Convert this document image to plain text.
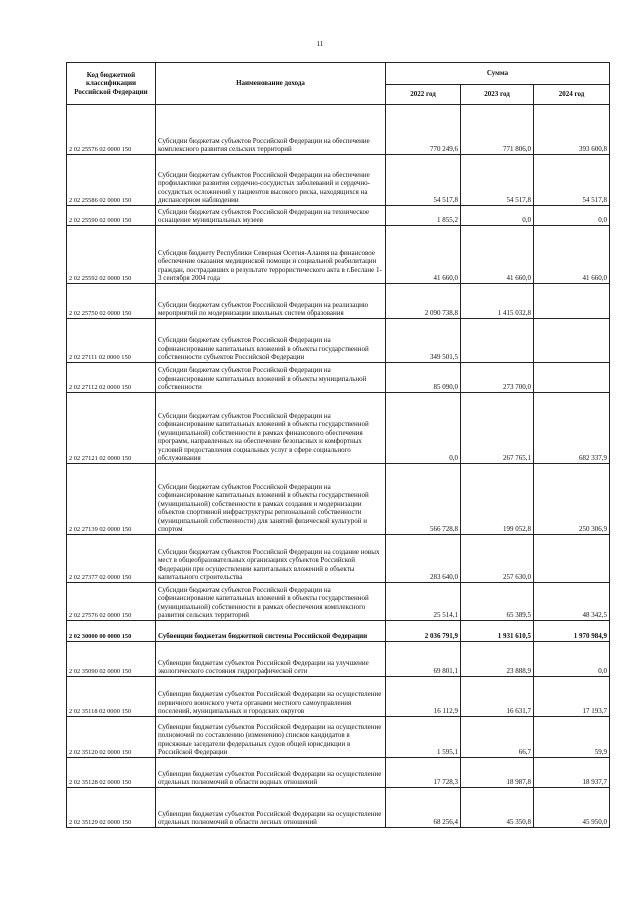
11
Код бюджетной классификации Российской Федерации	Наименование дохода	Сумма		
		2022 год	2023 год	2024 год
2 02 25576 02 0000 150	Субсидии бюджетам субъектов Российской Федерации на обеспечение комплексного развития сельских территорий	770 249,6	771 806,0	393 600,8
2 02 25586 02 0000 150	Субсидии бюджетам субъектов Российской Федерации на обеспечение профилактики развития сердечно-сосудистых заболеваний и сердечно-сосудистых осложнений у пациентов высокого риска, находящихся на диспансерном наблюдении	54 517,8	54 517,8	54 517,8
2 02 25590 02 0000 150	Субсидии бюджетам субъектов Российской Федерации на техническое оснащение муниципальных музеев	1 855,2	0,0	0,0
2 02 25592 02 0000 150	Субсидия бюджету Республики Северная Осетия-Алания на финансовое обеспечение оказания медицинской помощи и социальной реабилитации граждан, пострадавших в результате террористического акта в г.Беслане 1-3 сентября 2004 года	41 660,0	41 660,0	41 660,0
2 02 25750 02 0000 150	Субсидии бюджетам субъектов Российской Федерации на реализацию мероприятий по модернизации школьных систем образования	2 090 738,8	1 415 032,8	
2 02 27111 02 0000 150	Субсидии бюджетам субъектов Российской Федерации на софинансирование капитальных вложений в объекты государственной собственности субъектов Российской Федерации	349 501,5		
2 02 27112 02 0000 150	Субсидии бюджетам субъектов Российской Федерации на софинансирование капитальных вложений в объекты муниципальной собственности	85 090,0	273 700,0	
2 02 27121 02 0000 150	Субсидии бюджетам субъектов Российской Федерации на софинансирование капитальных вложений в объекты государственной (муниципальной) собственности в рамках финансового обеспечения программ, направленных на обеспечение безопасных и комфортных условий предоставления социальных услуг в сфере социального обслуживания	0,0	267 765,1	682 337,9
2 02 27139 02 0000 150	Субсидии бюджетам субъектов Российской Федерации на софинансирование капитальных вложений в объекты государственной (муниципальной) собственности в рамках создания и модернизации объектов спортивной инфраструктуры региональной собственности (муниципальной собственности) для занятий физической культурой и спортом	566 728,8	199 052,8	250 306,9
2 02 27377 02 0000 150	Субсидии бюджетам субъектов Российской Федерации на создание новых мест в общеобразовательных организациях субъектов Российской Федерации при осуществлении капитальных вложений в объекты капитального строительства	283 640,0	257 630,0	
2 02 27576 02 0000 150	Субсидии бюджетам субъектов Российской Федерации на софинансирование капитальных вложений в объекты государственной (муниципальной) собственности в рамках обеспечения комплексного развития сельских территорий	25 514,1	65 389,5	48 342,5
2 02 30000 00 0000 150	Субвенции бюджетам бюджетной системы Российской Федерации	2 036 791,9	1 931 610,5	1 970 984,9
2 02 35090 02 0000 150	Субвенции бюджетам субъектов Российской Федерации на улучшение экологического состояния гидрографической сети	69 801,1	23 888,9	0,0
2 02 35118 02 0000 150	Субвенции бюджетам субъектов Российской Федерации на осуществление первичного воинского учета органами местного самоуправления поселений, муниципальных и городских округов	16 112,9	16 631,7	17 193,7
2 02 35120 02 0000 150	Субвенции бюджетам субъектов Российской Федерации на осуществление полномочий по составлению (изменению) списков кандидатов в присяжные заседатели федеральных судов общей юрисдикции в Российской Федерации	1 595,1	66,7	59,9
2 02 35128 02 0000 150	Субвенции бюджетам субъектов Российской Федерации на осуществление отдельных полномочий в области водных отношений	17 728,3	18 987,8	18 937,7
2 02 35129 02 0000 150	Субвенции бюджетам субъектов Российской Федерации на осуществление отдельных полномочий в области лесных отношений	68 256,4	45 350,8	45 950,0
